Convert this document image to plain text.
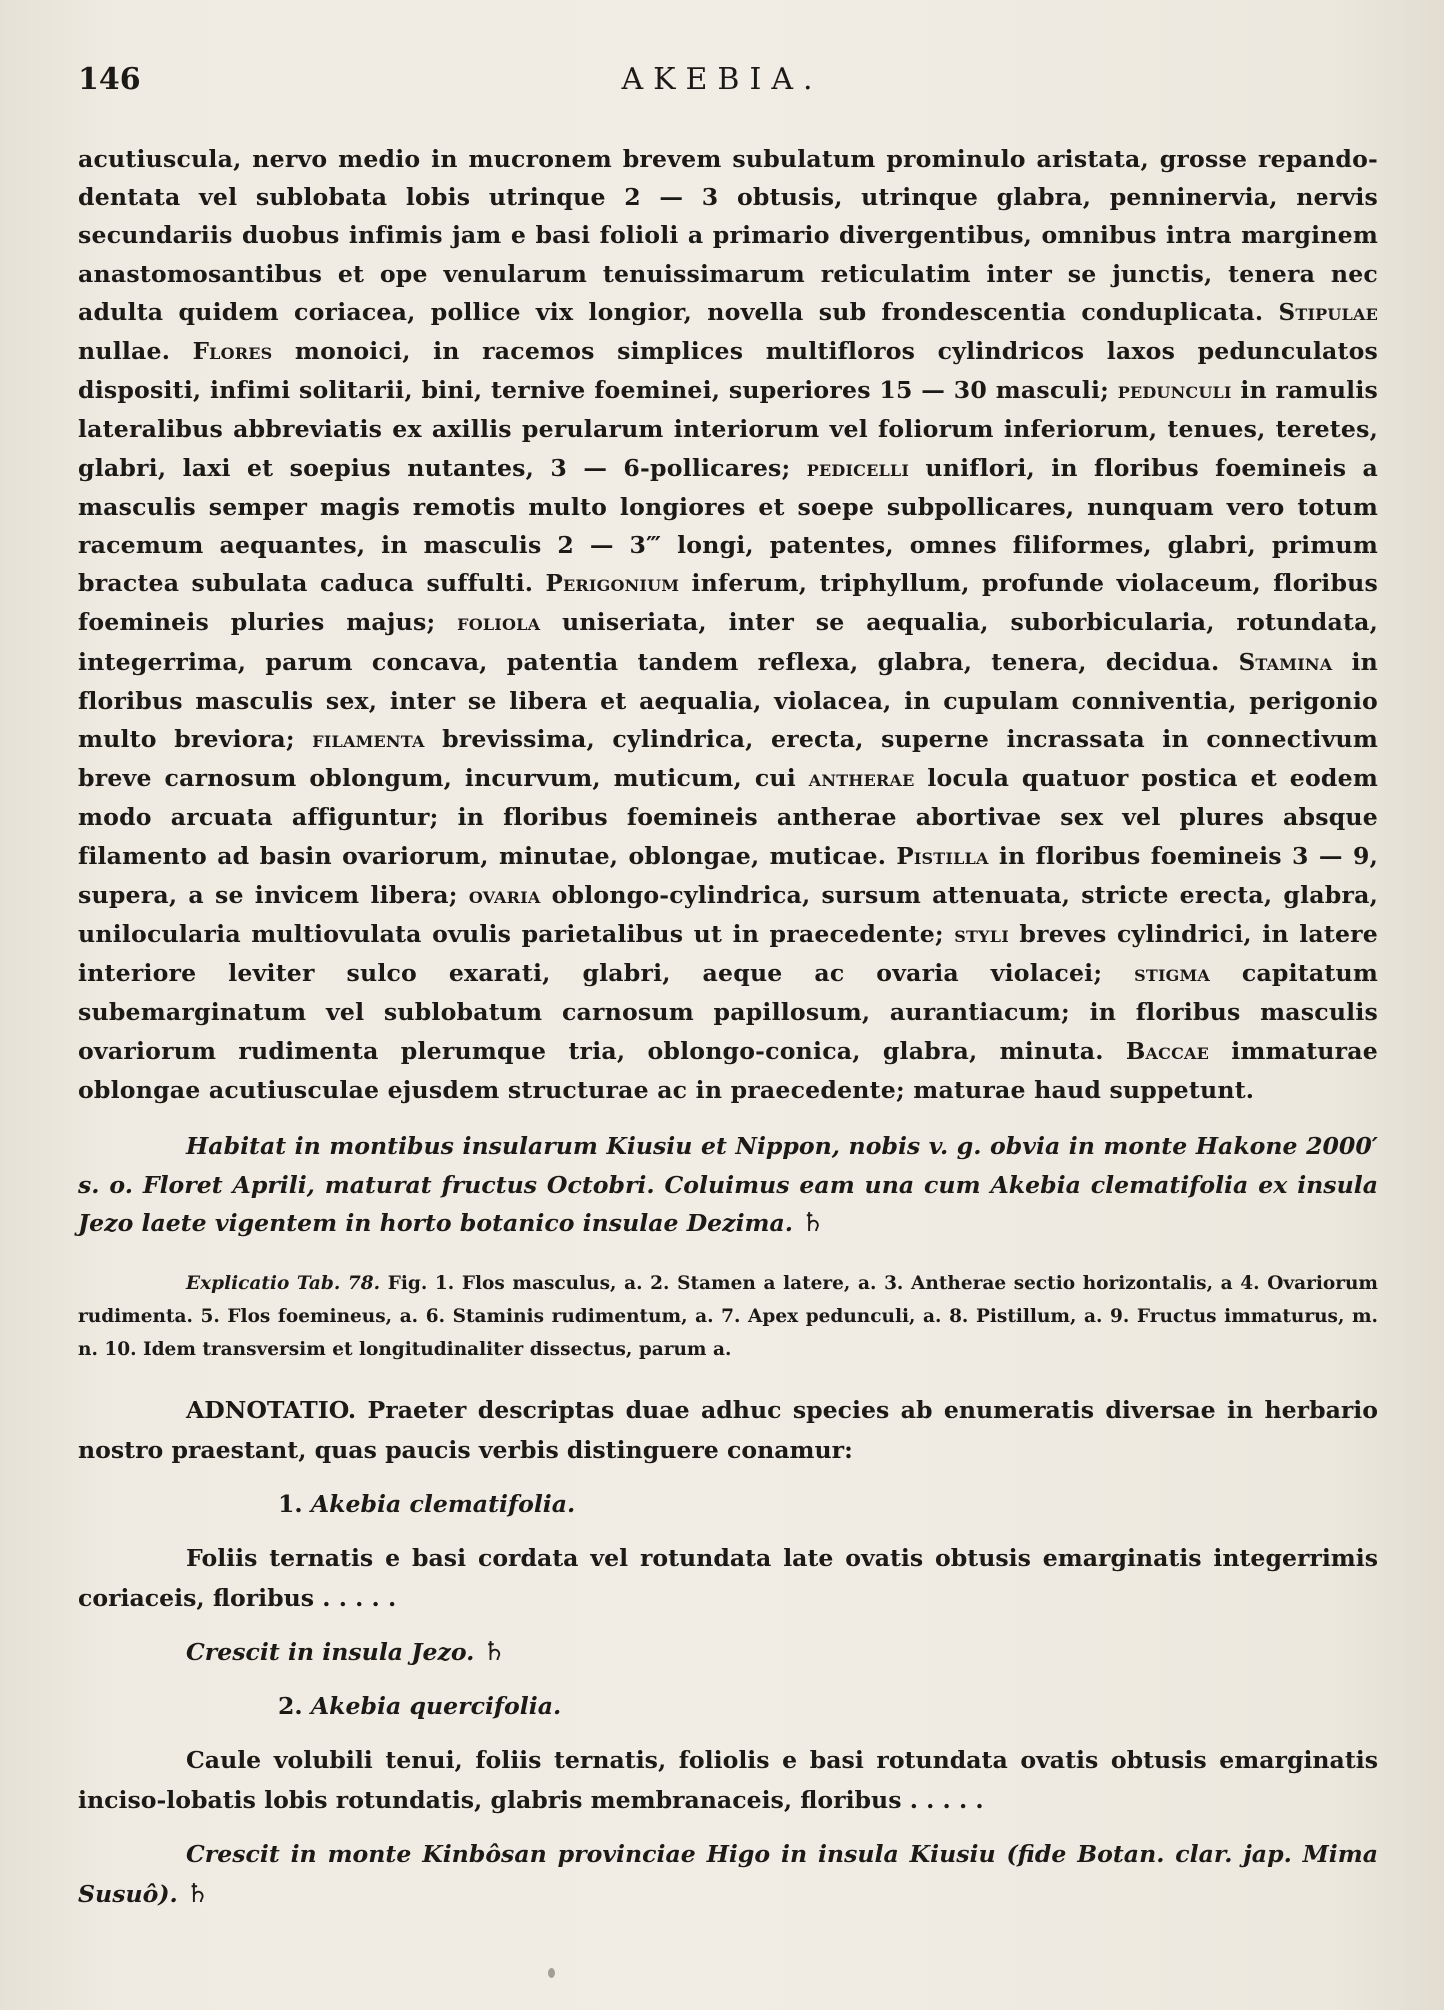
146	AKEBIA.

acutiuscula, nervo medio in mucronem brevem subulatum prominulo aristata, grosse repando-dentata vel sublobata lobis utrinque 2 — 3 obtusis, utrinque glabra, penninervia, nervis secundariis duobus infimis jam e basi folioli a primario divergentibus, omnibus intra marginem anastomosantibus et ope venularum tenuissimarum reticulatim inter se junctis, tenera nec adulta quidem coriacea, pollice vix longior, novella sub frondescentia conduplicata. Stipulae nullae. Flores monoici, in racemos simplices multifloros cylindricos laxos pedunculatos dispositi, infimi solitarii, bini, ternive foeminei, superiores 15 — 30 masculi; pedunculi in ramulis lateralibus abbreviatis ex axillis perularum interiorum vel foliorum inferiorum, tenues, teretes, glabri, laxi et soepius nutantes, 3 — 6-pollicares; pedicelli uniflori, in floribus foemineis a masculis semper magis remotis multo longiores et soepe subpollicares, nunquam vero totum racemum aequantes, in masculis 2 — 3‴ longi, patentes, omnes filiformes, glabri, primum bractea subulata caduca suffulti. Perigonium inferum, triphyllum, profunde violaceum, floribus foemineis pluries majus; foliola uniseriata, inter se aequalia, suborbicularia, rotundata, integerrima, parum concava, patentia tandem reflexa, glabra, tenera, decidua. Stamina in floribus masculis sex, inter se libera et aequalia, violacea, in cupulam conniventia, perigonio multo breviora; filamenta brevissima, cylindrica, erecta, superne incrassata in connectivum breve carnosum oblongum, incurvum, muticum, cui antherae locula quatuor postica et eodem modo arcuata affiguntur; in floribus foemineis antherae abortivae sex vel plures absque filamento ad basin ovariorum, minutae, oblongae, muticae. Pistilla in floribus foemineis 3 — 9, supera, a se invicem libera; ovaria oblongo-cylindrica, sursum attenuata, stricte erecta, glabra, unilocularia multiovulata ovulis parietalibus ut in praecedente; styli breves cylindrici, in latere interiore leviter sulco exarati, glabri, aeque ac ovaria violacei; stigma capitatum subemarginatum vel sublobatum carnosum papillosum, aurantiacum; in floribus masculis ovariorum rudimenta plerumque tria, oblongo-conica, glabra, minuta. Baccae immaturae oblongae acutiusculae ejusdem structurae ac in praecedente; maturae haud suppetunt.

Habitat in montibus insularum Kiusiu et Nippon, nobis v. g. obvia in monte Hakone 2000′ s. o. Floret Aprili, maturat fructus Octobri. Coluimus eam una cum Akebia clematifolia ex insula Jezo laete vigentem in horto botanico insulae Dezima. ♄

Explicatio Tab. 78. Fig. 1. Flos masculus, a. 2. Stamen a latere, a. 3. Antherae sectio horizontalis, a 4. Ovariorum rudimenta. 5. Flos foemineus, a. 6. Staminis rudimentum, a. 7. Apex pedunculi, a. 8. Pistillum, a. 9. Fructus immaturus, m. n. 10. Idem transversim et longitudinaliter dissectus, parum a.

ADNOTATIO. Praeter descriptas duae adhuc species ab enumeratis diversae in herbario nostro praestant, quas paucis verbis distinguere conamur:

1. Akebia clematifolia.

Foliis ternatis e basi cordata vel rotundata late ovatis obtusis emarginatis integerrimis coriaceis, floribus . . . . .

Crescit in insula Jezo. ♄

2. Akebia quercifolia.

Caule volubili tenui, foliis ternatis, foliolis e basi rotundata ovatis obtusis emarginatis inciso-lobatis lobis rotundatis, glabris membranaceis, floribus . . . . .

Crescit in monte Kinbôsan provinciae Higo in insula Kiusiu (fide Botan. clar. jap. Mima Susuô). ♄
